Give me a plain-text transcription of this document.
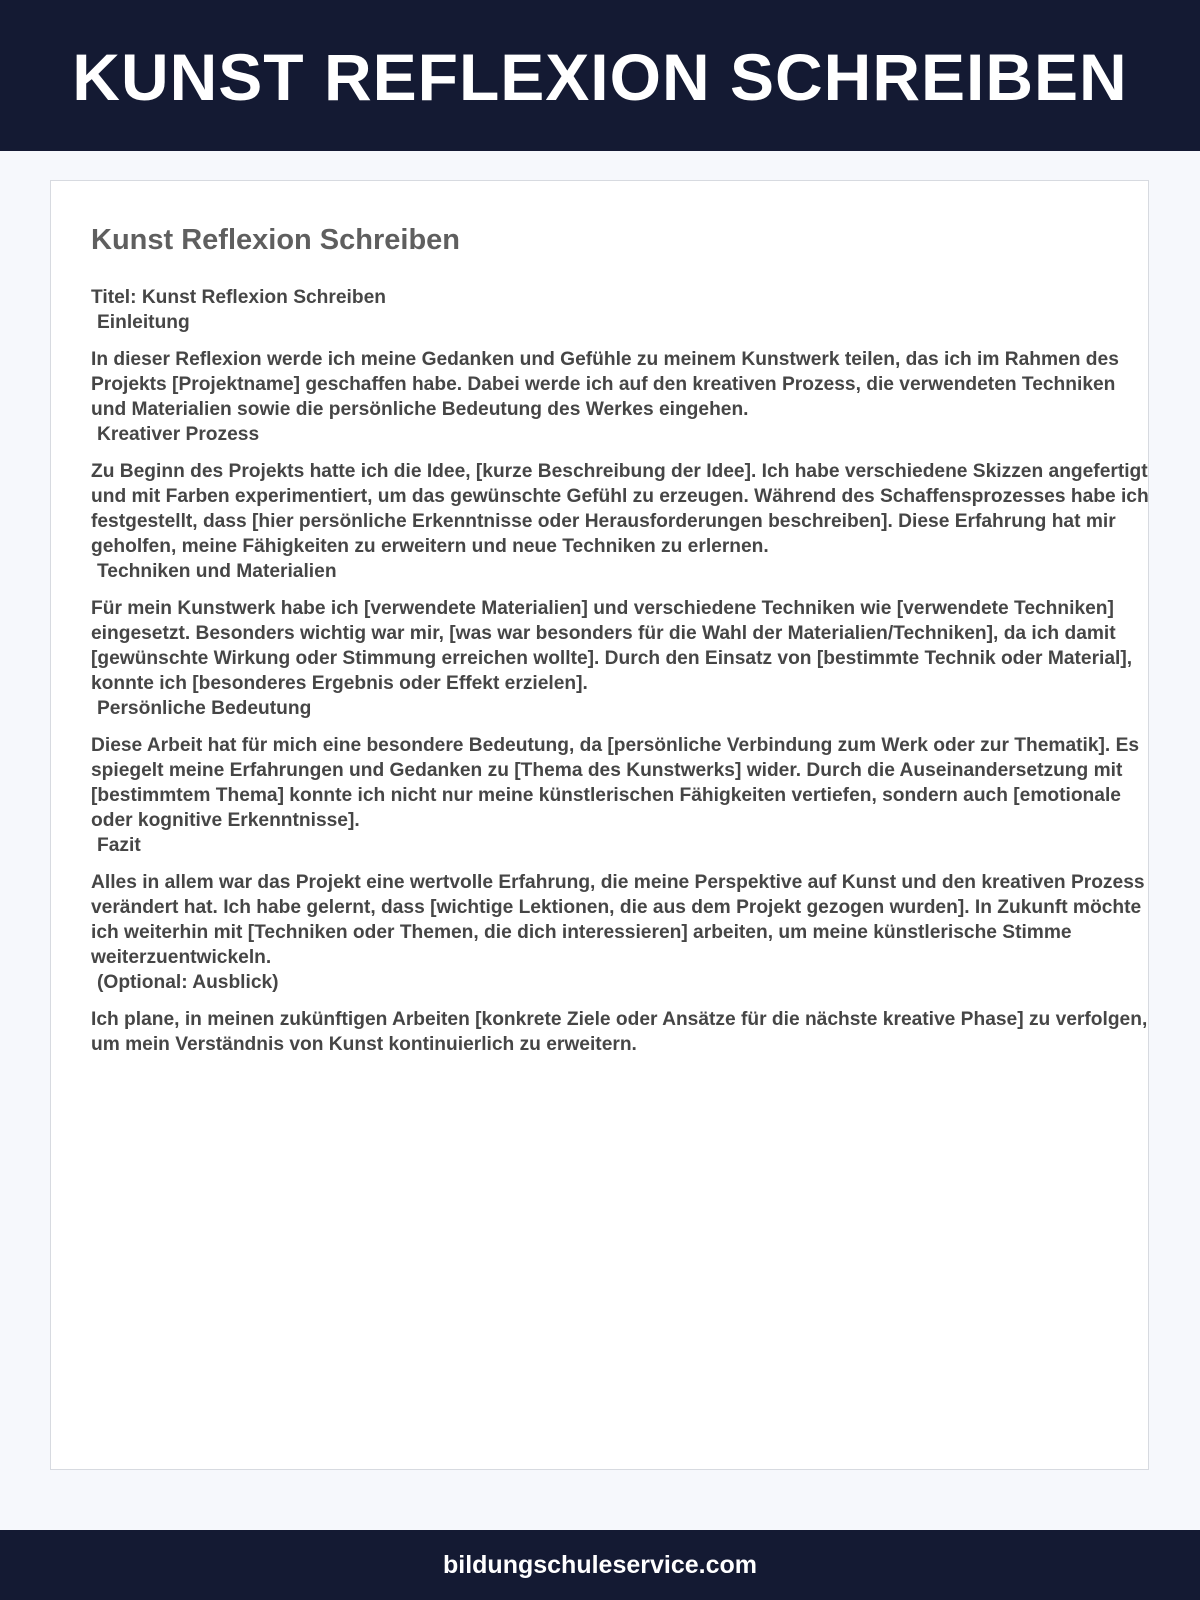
KUNST REFLEXION SCHREIBEN
Kunst Reflexion Schreiben
Titel: Kunst Reflexion Schreiben
Einleitung
In dieser Reflexion werde ich meine Gedanken und Gefühle zu meinem Kunstwerk teilen, das ich im Rahmen des Projekts [Projektname] geschaffen habe. Dabei werde ich auf den kreativen Prozess, die verwendeten Techniken und Materialien sowie die persönliche Bedeutung des Werkes eingehen.
Kreativer Prozess
Zu Beginn des Projekts hatte ich die Idee, [kurze Beschreibung der Idee]. Ich habe verschiedene Skizzen angefertigt und mit Farben experimentiert, um das gewünschte Gefühl zu erzeugen. Während des Schaffensprozesses habe ich festgestellt, dass [hier persönliche Erkenntnisse oder Herausforderungen beschreiben]. Diese Erfahrung hat mir geholfen, meine Fähigkeiten zu erweitern und neue Techniken zu erlernen.
Techniken und Materialien
Für mein Kunstwerk habe ich [verwendete Materialien] und verschiedene Techniken wie [verwendete Techniken] eingesetzt. Besonders wichtig war mir, [was war besonders für die Wahl der Materialien/Techniken], da ich damit [gewünschte Wirkung oder Stimmung erreichen wollte]. Durch den Einsatz von [bestimmte Technik oder Material], konnte ich [besonderes Ergebnis oder Effekt erzielen].
Persönliche Bedeutung
Diese Arbeit hat für mich eine besondere Bedeutung, da [persönliche Verbindung zum Werk oder zur Thematik]. Es spiegelt meine Erfahrungen und Gedanken zu [Thema des Kunstwerks] wider. Durch die Auseinandersetzung mit [bestimmtem Thema] konnte ich nicht nur meine künstlerischen Fähigkeiten vertiefen, sondern auch [emotionale oder kognitive Erkenntnisse].
Fazit
Alles in allem war das Projekt eine wertvolle Erfahrung, die meine Perspektive auf Kunst und den kreativen Prozess verändert hat. Ich habe gelernt, dass [wichtige Lektionen, die aus dem Projekt gezogen wurden]. In Zukunft möchte ich weiterhin mit [Techniken oder Themen, die dich interessieren] arbeiten, um meine künstlerische Stimme weiterzuentwickeln.
(Optional: Ausblick)
Ich plane, in meinen zukünftigen Arbeiten [konkrete Ziele oder Ansätze für die nächste kreative Phase] zu verfolgen, um mein Verständnis von Kunst kontinuierlich zu erweitern.
bildungschuleservice.com
